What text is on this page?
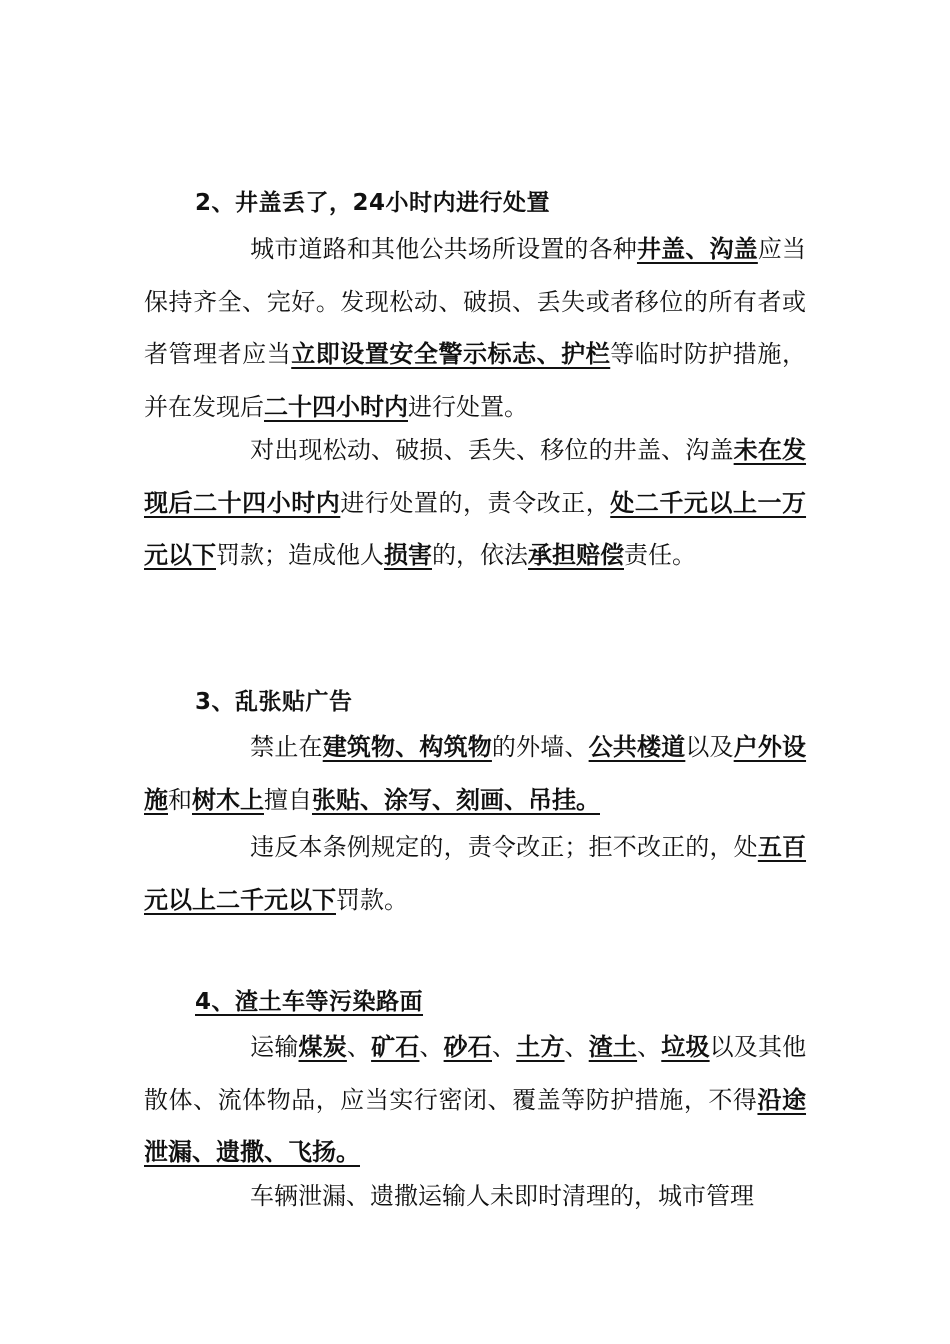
2、井盖丢了，24小时内进行处置

城市道路和其他公共场所设置的各种井盖、沟盖应当保持齐全、完好。发现松动、破损、丢失或者移位的所有者或者管理者应当立即设置安全警示标志、护栏等临时防护措施，并在发现后二十四小时内进行处置。

对出现松动、破损、丢失、移位的井盖、沟盖未在发现后二十四小时内进行处置的，责令改正，处二千元以上一万元以下罚款；造成他人损害的，依法承担赔偿责任。

3、乱张贴广告

禁止在建筑物、构筑物的外墙、公共楼道以及户外设施和树木上擅自张贴、涂写、刻画、吊挂。

违反本条例规定的，责令改正；拒不改正的，处五百元以上二千元以下罚款。

4、渣土车等污染路面

运输煤炭、矿石、砂石、土方、渣土、垃圾以及其他散体、流体物品，应当实行密闭、覆盖等防护措施，不得沿途泄漏、遗撒、飞扬。

车辆泄漏、遗撒运输人未即时清理的，城市管理
